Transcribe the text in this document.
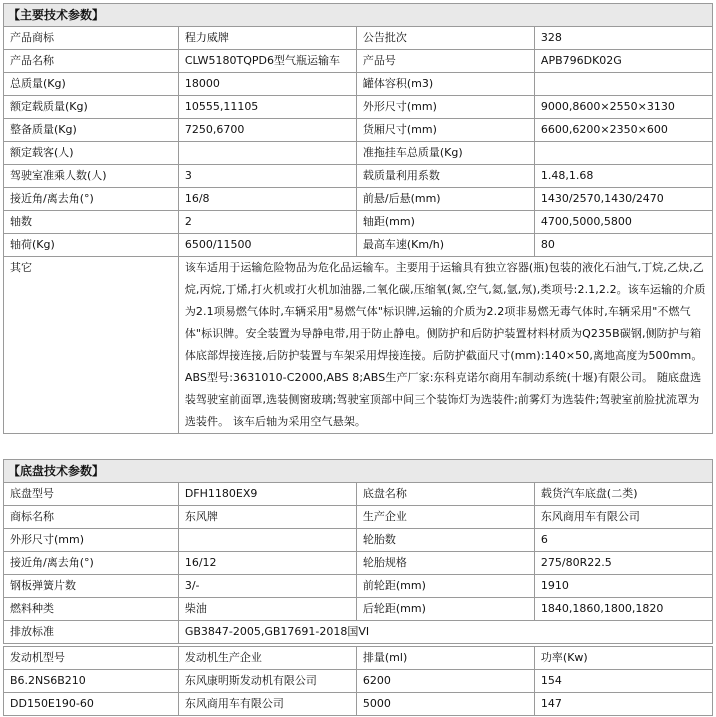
【主要技术参数】			
产品商标	程力威牌	公告批次	328
产品名称	CLW5180TQPD6型气瓶运输车	产品号	APB796DK02G
总质量(Kg)	18000	罐体容积(m3)	
额定载质量(Kg)	10555,11105	外形尺寸(mm)	9000,8600×2550×3130
整备质量(Kg)	7250,6700	货厢尺寸(mm)	6600,6200×2350×600
额定载客(人)		准拖挂车总质量(Kg)	
驾驶室准乘人数(人)	3	载质量利用系数	1.48,1.68
接近角/离去角(°)	16/8	前悬/后悬(mm)	1430/2570,1430/2470
轴数	2	轴距(mm)	4700,5000,5800
轴荷(Kg)	6500/11500	最高车速(Km/h)	80
其它	该车适用于运输危险物品为危化品运输车。主要用于运输具有独立容器(瓶)包装的液化石油气,丁烷,乙炔,乙烷,丙烷,丁烯,打火机或打火机加油器,二氧化碳,压缩氧(氮,空气,氦,氩,氖),类项号:2.1,2.2。该车运输的介质为2.1项易燃气体时,车辆采用"易燃气体"标识牌,运输的介质为2.2项非易燃无毒气体时,车辆采用"不燃气体"标识牌。安全装置为导静电带,用于防止静电。侧防护和后防护装置材料材质为Q235B碳钢,侧防护与箱体底部焊接连接,后防护装置与车架采用焊接连接。后防护截面尺寸(mm):140×50,离地高度为500mm。ABS型号:3631010-C2000,ABS 8;ABS生产厂家:东科克诺尔商用车制动系统(十堰)有限公司。 随底盘选装驾驶室前面罩,选装侧窗玻璃;驾驶室顶部中间三个装饰灯为选装件;前雾灯为选装件;驾驶室前脸扰流罩为选装件。 该车后轴为采用空气悬架。		
【底盘技术参数】			
底盘型号	DFH1180EX9	底盘名称	载货汽车底盘(二类)
商标名称	东风牌	生产企业	东风商用车有限公司
外形尺寸(mm)		轮胎数	6
接近角/离去角(°)	16/12	轮胎规格	275/80R22.5
钢板弹簧片数	3/-	前轮距(mm)	1910
燃料种类	柴油	后轮距(mm)	1840,1860,1800,1820
排放标准	GB3847-2005,GB17691-2018国VI		
发动机型号	发动机生产企业	排量(ml)	功率(Kw)
B6.2NS6B210	东风康明斯发动机有限公司	6200	154
DD150E190-60	东风商用车有限公司	5000	147
